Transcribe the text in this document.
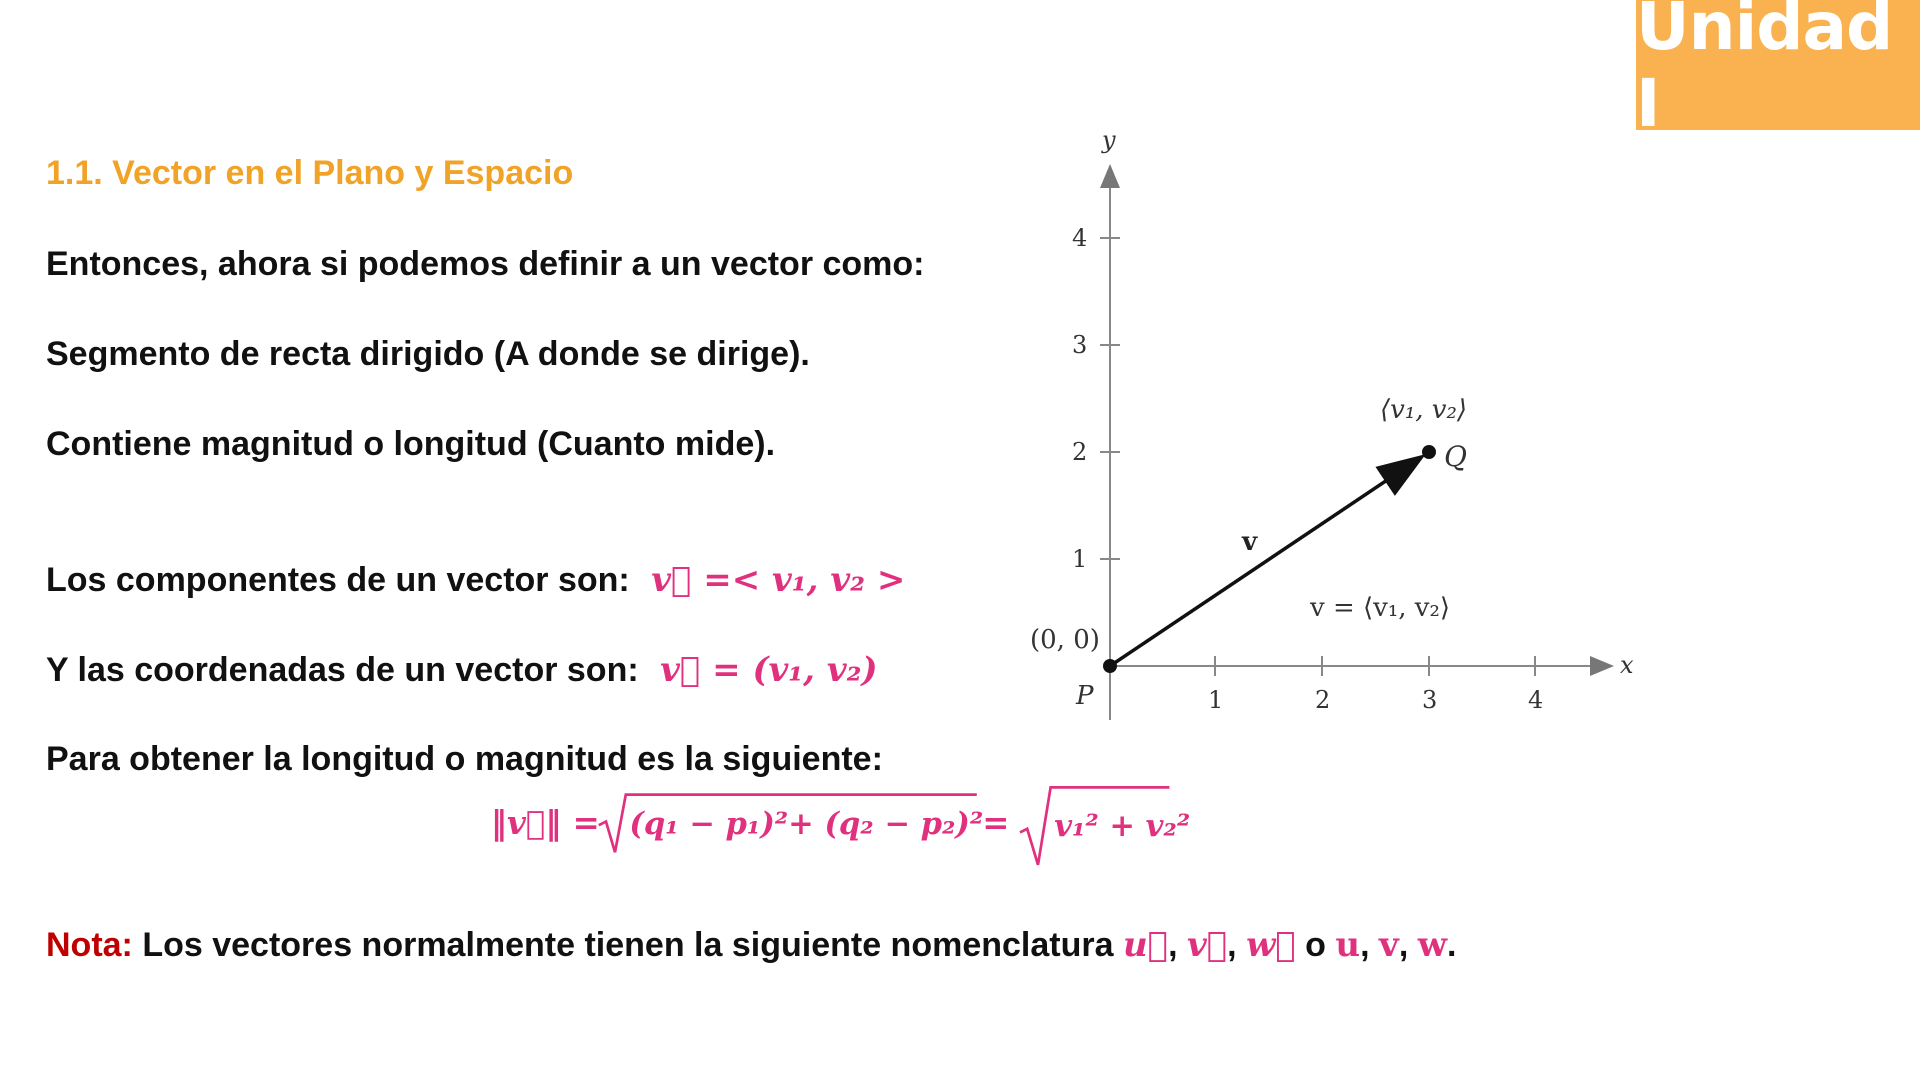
Unidad I
1.1. Vector en el Plano y Espacio
Entonces, ahora si podemos definir a un vector como:
Segmento de recta dirigido (A donde se dirige).
Contiene magnitud o longitud (Cuanto mide).
Los componentes de un vector son: v⃗ =< v₁, v₂ >
Y las coordenadas de un vector son: v⃗ = (v₁, v₂)
Para obtener la longitud o magnitud es la siguiente:
‖v⃗‖ = (q₁ − p₁)²+ (q₂ − p₂)²
= v₁² + v₂²
x
y
1	2	3	4
1
2
3
4
(0, 0)
P
Q
⟨v₁, v₂⟩
v
v = ⟨v₁, v₂⟩
Nota: Los vectores normalmente tienen la siguiente nomenclatura u⃗, v⃗, w⃗ o u, v, w.
